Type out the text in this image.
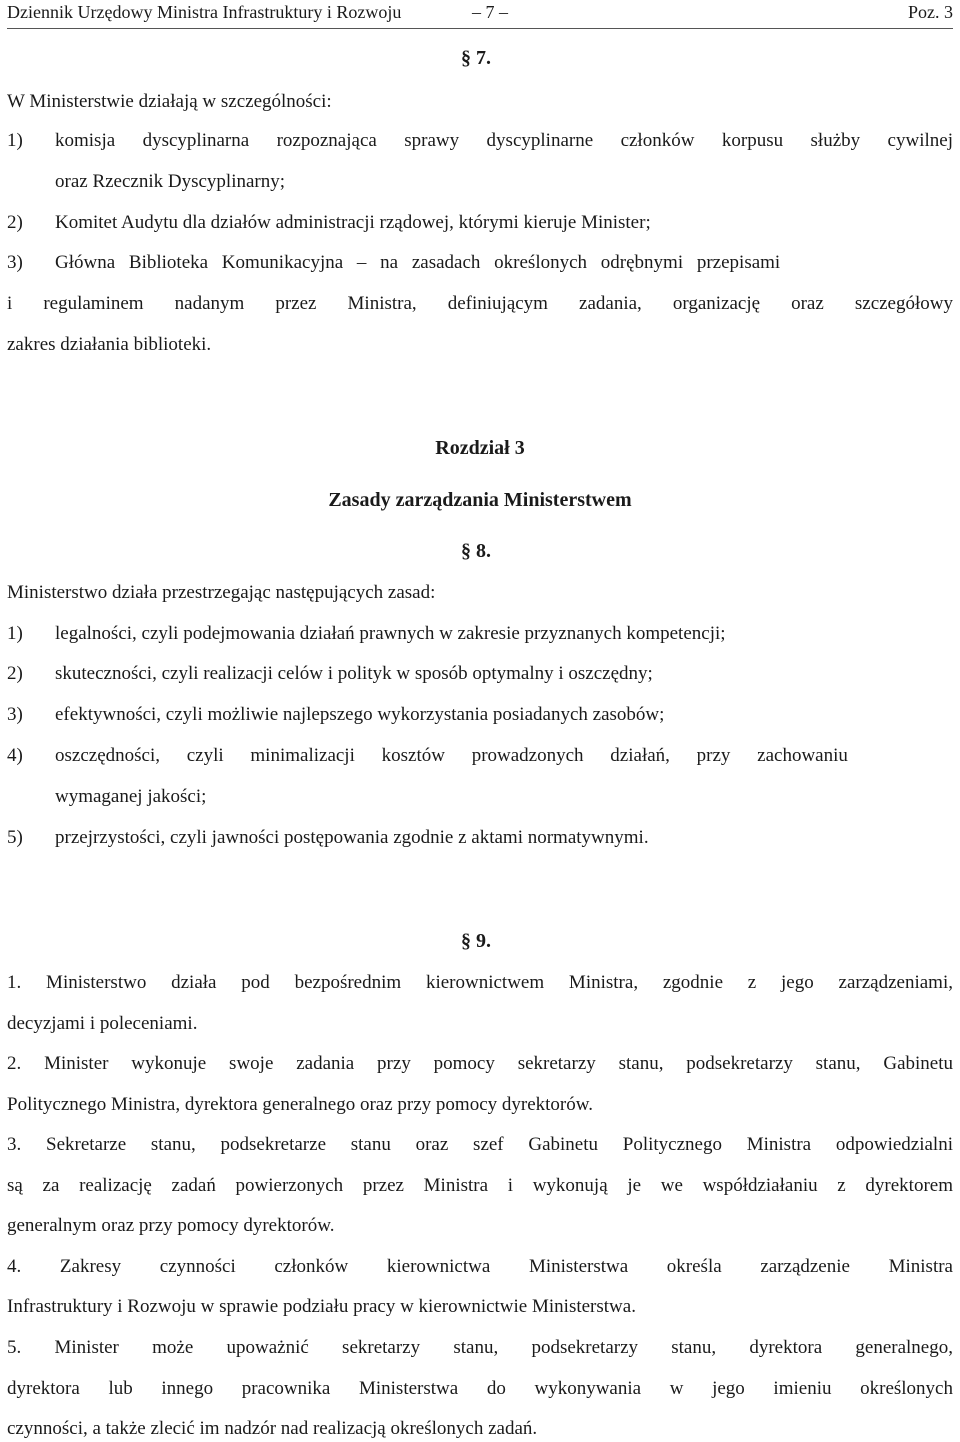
Dziennik Urzędowy Ministra Infrastruktury i Rozwoju	– 7 –	Poz. 3
§ 7.
W Ministerstwie działają w szczególności:
1) komisja dyscyplinarna rozpoznająca sprawy dyscyplinarne członków korpusu służby cywilnej
oraz Rzecznik Dyscyplinarny;
2) Komitet Audytu dla działów administracji rządowej, którymi kieruje Minister;
3) Główna Biblioteka Komunikacyjna – na zasadach określonych odrębnymi przepisami
i regulaminem nadanym przez Ministra, definiującym zadania, organizację oraz szczegółowy
zakres działania biblioteki.
Rozdział 3
Zasady zarządzania Ministerstwem
§ 8.
Ministerstwo działa przestrzegając następujących zasad:
1) legalności, czyli podejmowania działań prawnych w zakresie przyznanych kompetencji;
2) skuteczności, czyli realizacji celów i polityk w sposób optymalny i oszczędny;
3) efektywności, czyli możliwie najlepszego wykorzystania posiadanych zasobów;
4) oszczędności, czyli minimalizacji kosztów prowadzonych działań, przy zachowaniu
wymaganej jakości;
5) przejrzystości, czyli jawności postępowania zgodnie z aktami normatywnymi.
§ 9.
1. Ministerstwo działa pod bezpośrednim kierownictwem Ministra, zgodnie z jego zarządzeniami,
decyzjami i poleceniami.
2. Minister wykonuje swoje zadania przy pomocy sekretarzy stanu, podsekretarzy stanu, Gabinetu
Politycznego Ministra, dyrektora generalnego oraz przy pomocy dyrektorów.
3. Sekretarze stanu, podsekretarze stanu oraz szef Gabinetu Politycznego Ministra odpowiedzialni
są za realizację zadań powierzonych przez Ministra i wykonują je we współdziałaniu z dyrektorem
generalnym oraz przy pomocy dyrektorów.
4. Zakresy czynności członków kierownictwa Ministerstwa określa zarządzenie Ministra
Infrastruktury i Rozwoju w sprawie podziału pracy w kierownictwie Ministerstwa.
5. Minister może upoważnić sekretarzy stanu, podsekretarzy stanu, dyrektora generalnego,
dyrektora lub innego pracownika Ministerstwa do wykonywania w jego imieniu określonych
czynności, a także zlecić im nadzór nad realizacją określonych zadań.
